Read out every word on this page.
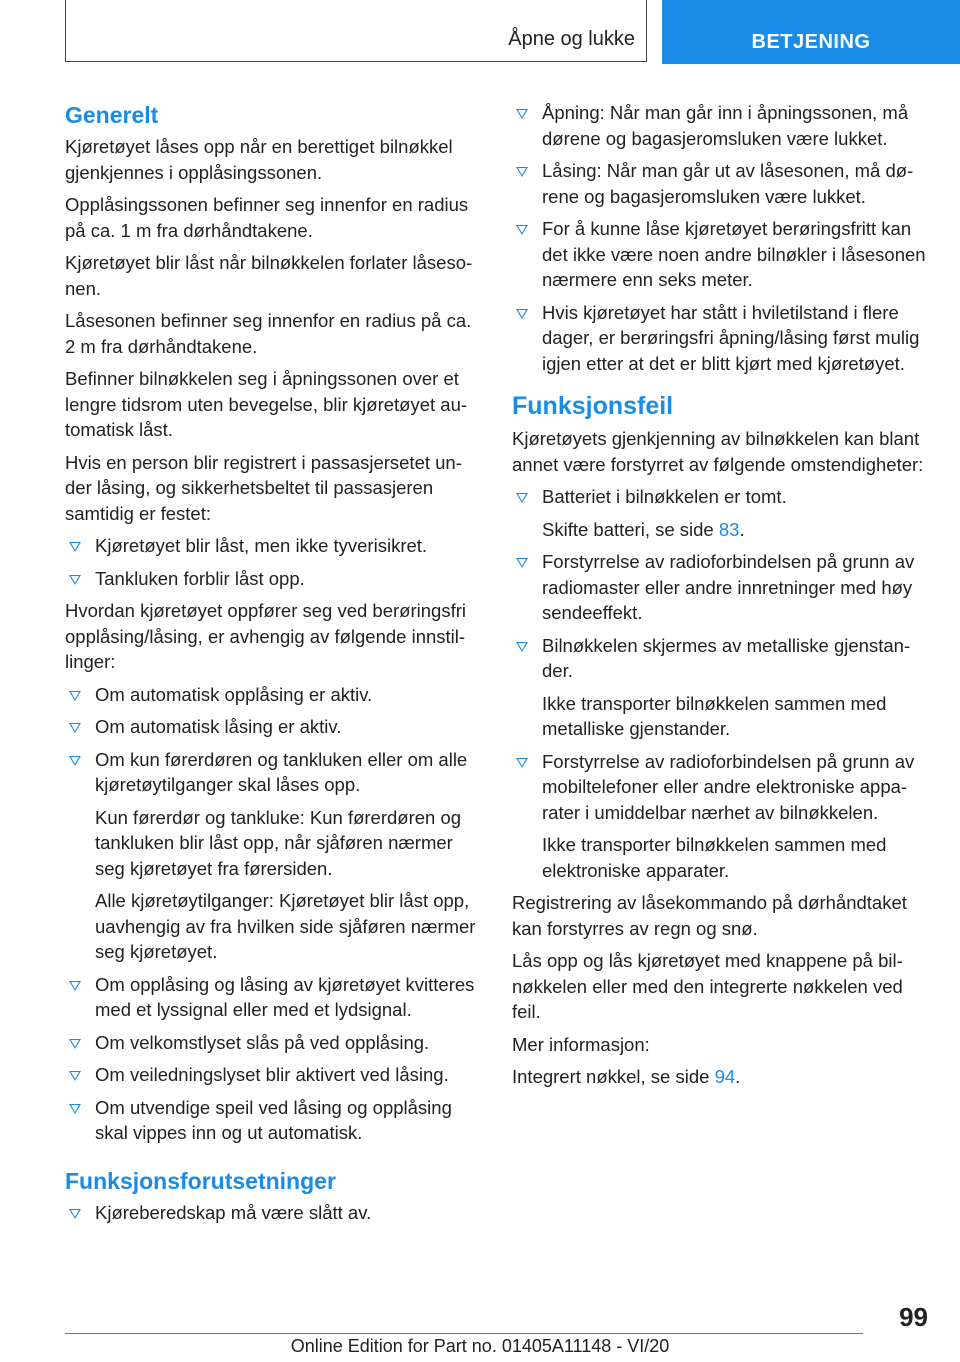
Åpne og lukke	BETJENING
Generelt

Kjøretøyet låses opp når en berettiget bilnøkkel gjenkjennes i opplåsingssonen.

Opplåsingssonen befinner seg innenfor en radius på ca. 1 m fra dørhåndtakene.

Kjøretøyet blir låst når bilnøkkelen forlater låsesonen.

Låsesonen befinner seg innenfor en radius på ca. 2 m fra dørhåndtakene.

Befinner bilnøkkelen seg i åpningssonen over et lengre tidsrom uten bevegelse, blir kjøretøyet automatisk låst.

Hvis en person blir registrert i passasjersetet under låsing, og sikkerhetsbeltet til passasjeren samtidig er festet:

Kjøretøyet blir låst, men ikke tyverisikret.
Tankluken forblir låst opp.

Hvordan kjøretøyet oppfører seg ved berøringsfri opplåsing/låsing, er avhengig av følgende innstillinger:

Om automatisk opplåsing er aktiv.
Om automatisk låsing er aktiv.
Om kun førerdøren og tankluken eller om alle kjøretøytilganger skal låses opp.

Kun førerdør og tankluke: Kun førerdøren og tankluken blir låst opp, når sjåføren nærmer seg kjøretøyet fra førersiden.

Alle kjøretøytilganger: Kjøretøyet blir låst opp, uavhengig av fra hvilken side sjåføren nærmer seg kjøretøyet.

Om opplåsing og låsing av kjøretøyet kvitteres med et lyssignal eller med et lydsignal.
Om velkomstlyset slås på ved opplåsing.
Om veiledningslyset blir aktivert ved låsing.
Om utvendige speil ved låsing og opplåsing skal vippes inn og ut automatisk.
Funksjonsforutsetninger
Kjøreberedskap må være slått av.
Åpning: Når man går inn i åpningssonen, må dørene og bagasjeromsluken være lukket.
Låsing: Når man går ut av låsesonen, må dørene og bagasjeromsluken være lukket.
For å kunne låse kjøretøyet berøringsfritt kan det ikke være noen andre bilnøkler i låsesonen nærmere enn seks meter.
Hvis kjøretøyet har stått i hviletilstand i flere dager, er berøringsfri åpning/låsing først mulig igjen etter at det er blitt kjørt med kjøretøyet.
Funksjonsfeil

Kjøretøyets gjenkjenning av bilnøkkelen kan blant annet være forstyrret av følgende omstendigheter:

Batteriet i bilnøkkelen er tomt.

Skifte batteri, se side 83.

Forstyrrelse av radioforbindelsen på grunn av radiomaster eller andre innretninger med høy sendeeffekt.
Bilnøkkelen skjermes av metalliske gjenstander.

Ikke transporter bilnøkkelen sammen med metalliske gjenstander.

Forstyrrelse av radioforbindelsen på grunn av mobiltelefoner eller andre elektroniske apparater i umiddelbar nærhet av bilnøkkelen.

Ikke transporter bilnøkkelen sammen med elektroniske apparater.

Registrering av låsekommando på dørhåndtaket kan forstyrres av regn og snø.

Lås opp og lås kjøretøyet med knappene på bilnøkkelen eller med den integrerte nøkkelen ved feil.

Mer informasjon:

Integrert nøkkel, se side 94.

99
Online Edition for Part no. 01405A11148 - VI/20
